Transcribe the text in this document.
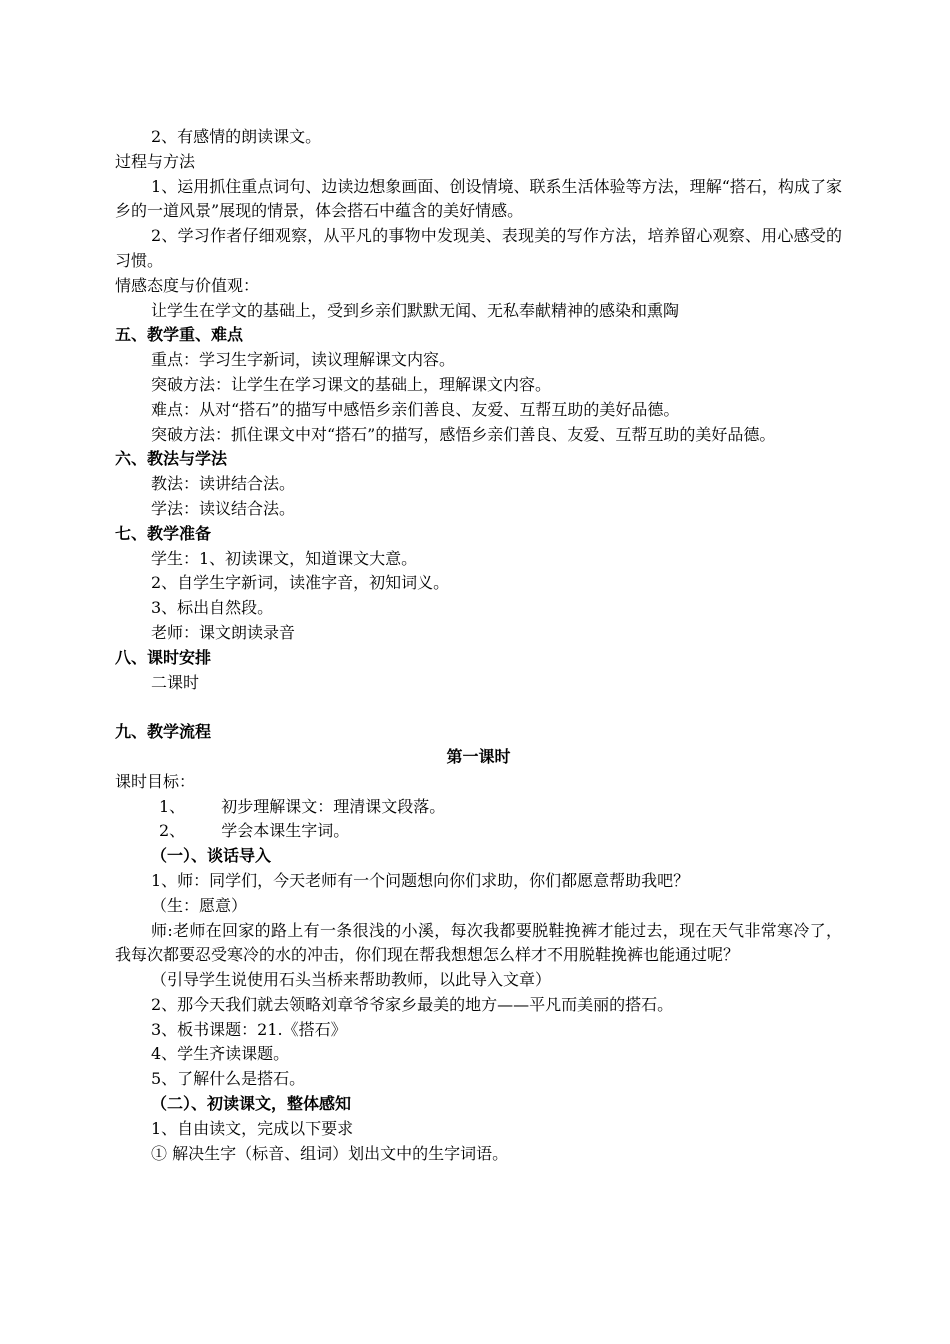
2、有感情的朗读课文。
过程与方法
1、运用抓住重点词句、边读边想象画面、创设情境、联系生活体验等方法，理解“搭石，构成了家乡的一道风景”展现的情景，体会搭石中蕴含的美好情感。
2、学习作者仔细观察，从平凡的事物中发现美、表现美的写作方法，培养留心观察、用心感受的习惯。
情感态度与价值观：
让学生在学文的基础上，受到乡亲们默默无闻、无私奉献精神的感染和熏陶
五、教学重、难点
重点：学习生字新词，读议理解课文内容。
突破方法：让学生在学习课文的基础上，理解课文内容。
难点：从对“搭石”的描写中感悟乡亲们善良、友爱、互帮互助的美好品德。
突破方法：抓住课文中对“搭石”的描写，感悟乡亲们善良、友爱、互帮互助的美好品德。
六、教法与学法
教法：读讲结合法。
学法：读议结合法。
七、教学准备
学生：1、初读课文，知道课文大意。
2、自学生字新词，读准字音，初知词义。
3、标出自然段。
老师：课文朗读录音
八、课时安排
二课时
九、教学流程
第一课时
课时目标：
1、 初步理解课文：理清课文段落。
2、 学会本课生字词。
（一）、谈话导入
1、师：同学们，今天老师有一个问题想向你们求助，你们都愿意帮助我吧？
（生：愿意）
师:老师在回家的路上有一条很浅的小溪，每次我都要脱鞋挽裤才能过去，现在天气非常寒冷了，我每次都要忍受寒冷的水的冲击，你们现在帮我想想怎么样才不用脱鞋挽裤也能通过呢？
（引导学生说使用石头当桥来帮助教师，以此导入文章）
2、那今天我们就去领略刘章爷爷家乡最美的地方——平凡而美丽的搭石。
3、板书课题：21.《搭石》
4、学生齐读课题。
5、了解什么是搭石。
（二）、初读课文，整体感知
1、自由读文，完成以下要求
① 解决生字（标音、组词）划出文中的生字词语。
